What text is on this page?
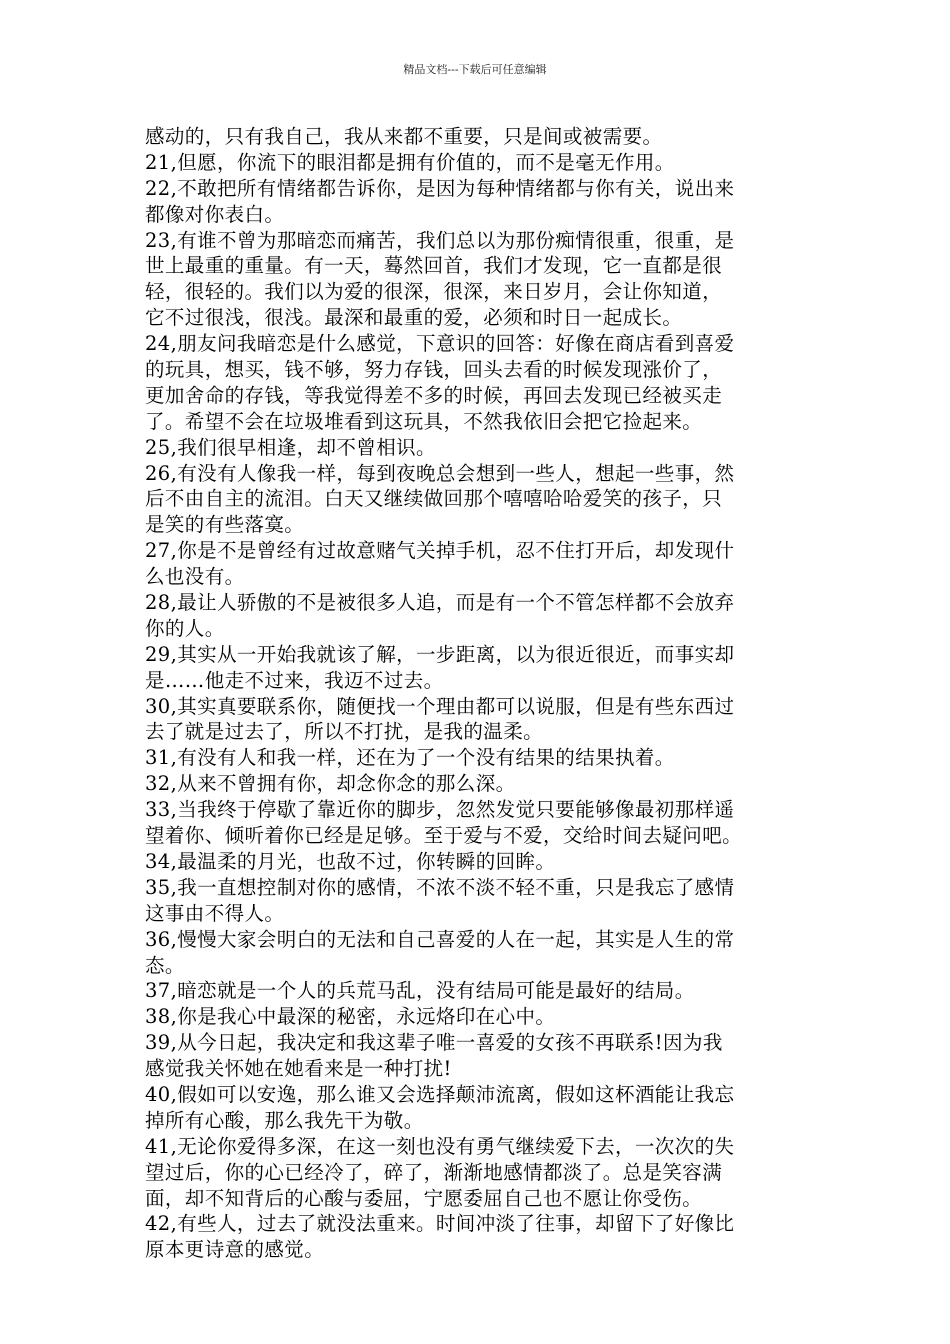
精品文档---下载后可任意编辑
感动的，只有我自己，我从来都不重要，只是间或被需要。
21,但愿，你流下的眼泪都是拥有价值的，而不是毫无作用。
22,不敢把所有情绪都告诉你，是因为每种情绪都与你有关，说出来
都像对你表白。
23,有谁不曾为那暗恋而痛苦，我们总以为那份痴情很重，很重，是
世上最重的重量。有一天，蓦然回首，我们才发现，它一直都是很
轻，很轻的。我们以为爱的很深，很深，来日岁月，会让你知道，
它不过很浅，很浅。最深和最重的爱，必须和时日一起成长。
24,朋友问我暗恋是什么感觉，下意识的回答：好像在商店看到喜爱
的玩具，想买，钱不够，努力存钱，回头去看的时候发现涨价了，
更加舍命的存钱，等我觉得差不多的时候，再回去发现已经被买走
了。希望不会在垃圾堆看到这玩具，不然我依旧会把它捡起来。
25,我们很早相逢，却不曾相识。
26,有没有人像我一样，每到夜晚总会想到一些人，想起一些事，然
后不由自主的流泪。白天又继续做回那个嘻嘻哈哈爱笑的孩子，只
是笑的有些落寞。
27,你是不是曾经有过故意赌气关掉手机，忍不住打开后，却发现什
么也没有。
28,最让人骄傲的不是被很多人追，而是有一个不管怎样都不会放弃
你的人。
29,其实从一开始我就该了解，一步距离，以为很近很近，而事实却
是……他走不过来，我迈不过去。
30,其实真要联系你，随便找一个理由都可以说服，但是有些东西过
去了就是过去了，所以不打扰，是我的温柔。
31,有没有人和我一样，还在为了一个没有结果的结果执着。
32,从来不曾拥有你，却念你念的那么深。
33,当我终于停歇了靠近你的脚步，忽然发觉只要能够像最初那样遥
望着你、倾听着你已经是足够。至于爱与不爱，交给时间去疑问吧。
34,最温柔的月光，也敌不过，你转瞬的回眸。
35,我一直想控制对你的感情，不浓不淡不轻不重，只是我忘了感情
这事由不得人。
36,慢慢大家会明白的无法和自己喜爱的人在一起，其实是人生的常
态。
37,暗恋就是一个人的兵荒马乱，没有结局可能是最好的结局。
38,你是我心中最深的秘密，永远烙印在心中。
39,从今日起，我决定和我这辈子唯一喜爱的女孩不再联系!因为我
感觉我关怀她在她看来是一种打扰!
40,假如可以安逸，那么谁又会选择颠沛流离，假如这杯酒能让我忘
掉所有心酸，那么我先干为敬。
41,无论你爱得多深，在这一刻也没有勇气继续爱下去，一次次的失
望过后，你的心已经冷了，碎了，渐渐地感情都淡了。总是笑容满
面，却不知背后的心酸与委屈，宁愿委屈自己也不愿让你受伤。
42,有些人，过去了就没法重来。时间冲淡了往事，却留下了好像比
原本更诗意的感觉。
